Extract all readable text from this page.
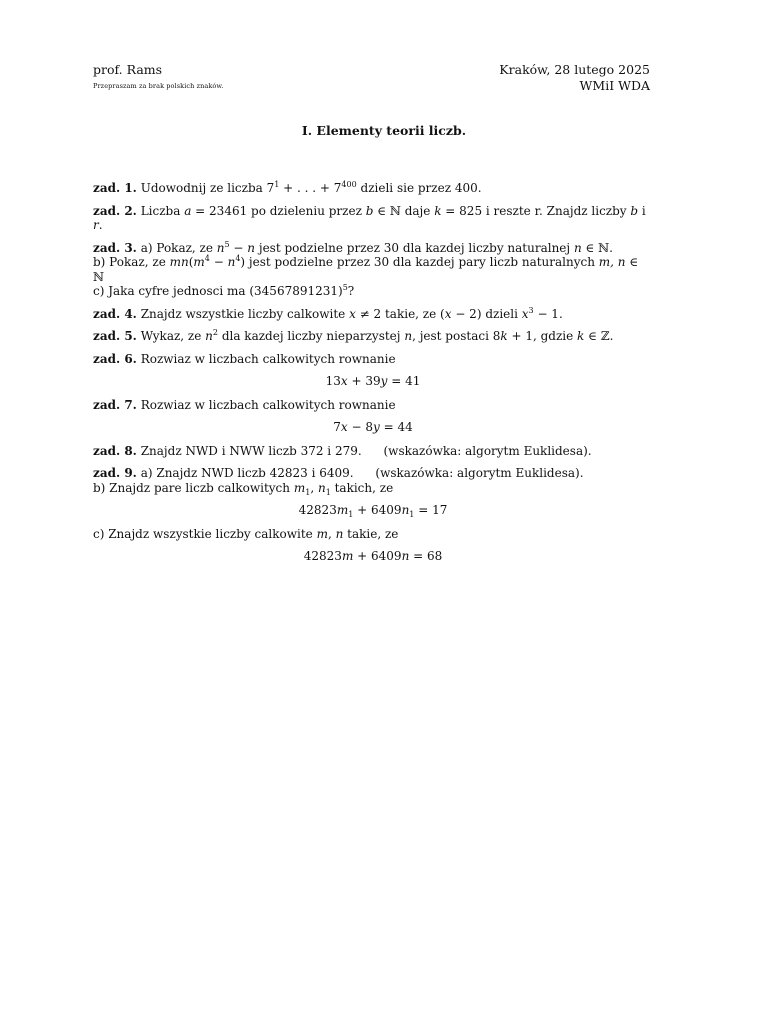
prof. Rams
Przepraszam za brak polskich znaków.
Kraków, 28 lutego 2025
WMiI WDA
I. Elementy teorii liczb.

zad. 1. Udowodnij ze liczba $7^1$ + . . . + $7^{400}$ dzieli sie przez 400.

zad. 2. Liczba a = 23461 po dzieleniu przez b ∈ ℕ daje k = 825 i reszte r. Znajdz liczby b i r.

zad. 3. a) Pokaz, ze $n^5 - n$ jest podzielne przez 30 dla kazdej liczby naturalnej n ∈ ℕ.
b) Pokaz, ze $mn(m^4 - n^4)$ jest podzielne przez 30 dla kazdej pary liczb naturalnych m, n ∈ ℕ
c) Jaka cyfre jednosci ma $(34567891231)^5$?

zad. 4. Znajdz wszystkie liczby calkowite x ≠ 2 takie, ze (x − 2) dzieli $x^3 - 1$.

zad. 5. Wykaz, ze $n^2$ dla kazdej liczby nieparzystej n, jest postaci 8k + 1, gdzie k ∈ ℤ.

zad. 6. Rozwiaz w liczbach calkowitych rownanie
13x + 39y = 41
zad. 7. Rozwiaz w liczbach calkowitych rownanie
7x − 8y = 44

zad. 8. Znajdz NWD i NWW liczb 372 i 279. (wskazówka: algorytm Euklidesa).

zad. 9. a) Znajdz NWD liczb 42823 i 6409. (wskazówka: algorytm Euklidesa).
b) Znajdz pare liczb calkowitych $m_1$, $n_1$ takich, ze
$42823m_1 + 6409n_1 = 17$
c) Znajdz wszystkie liczby calkowite m, n takie, ze
42823m + 6409n = 68
